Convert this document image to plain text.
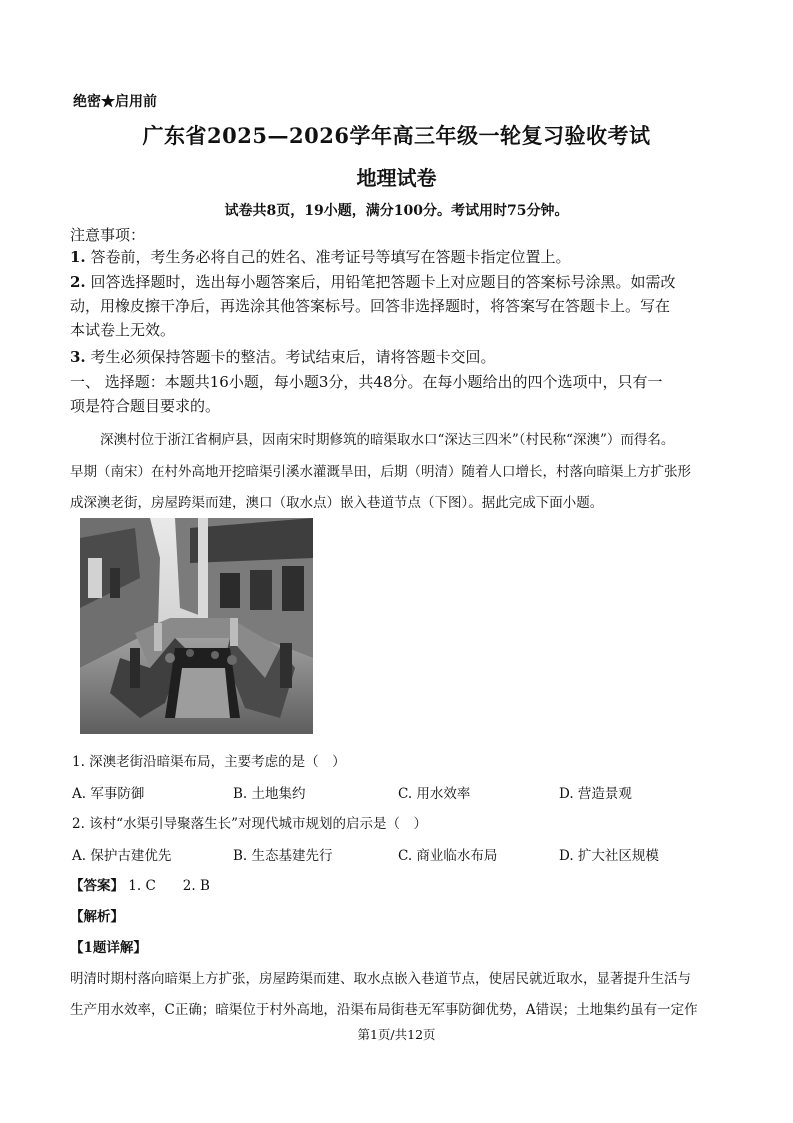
绝密★启用前
广东省2025—2026学年高三年级一轮复习验收考试
地理试卷
试卷共8页，19小题，满分100分。考试用时75分钟。
注意事项：
1. 答卷前，考生务必将自己的姓名、准考证号等填写在答题卡指定位置上。
2. 回答选择题时，选出每小题答案后，用铅笔把答题卡上对应题目的答案标号涂黑。如需改
动，用橡皮擦干净后，再选涂其他答案标号。回答非选择题时，将答案写在答题卡上。写在
本试卷上无效。
3. 考生必须保持答题卡的整洁。考试结束后，请将答题卡交回。
一、 选择题：本题共16小题，每小题3分，共48分。在每小题给出的四个选项中，只有一
项是符合题目要求的。
深澳村位于浙江省桐庐县，因南宋时期修筑的暗渠取水口“深达三四米”（村民称“深澳”）而得名。
早期（南宋）在村外高地开挖暗渠引溪水灌溉旱田，后期（明清）随着人口增长，村落向暗渠上方扩张形
成深澳老街，房屋跨渠而建，澳口（取水点）嵌入巷道节点（下图）。据此完成下面小题。
1. 深澳老街沿暗渠布局，主要考虑的是（　）
A. 军事防御	B. 土地集约	C. 用水效率	D. 营造景观
2. 该村“水渠引导聚落生长”对现代城市规划的启示是（　）
A. 保护古建优先	B. 生态基建先行	C. 商业临水布局	D. 扩大社区规模
【答案】 1. C　　2. B
【解析】
【1题详解】
明清时期村落向暗渠上方扩张，房屋跨渠而建、取水点嵌入巷道节点，使居民就近取水，显著提升生活与
生产用水效率，C正确；暗渠位于村外高地，沿渠布局街巷无军事防御优势，A错误；土地集约虽有一定作
第1页/共12页
